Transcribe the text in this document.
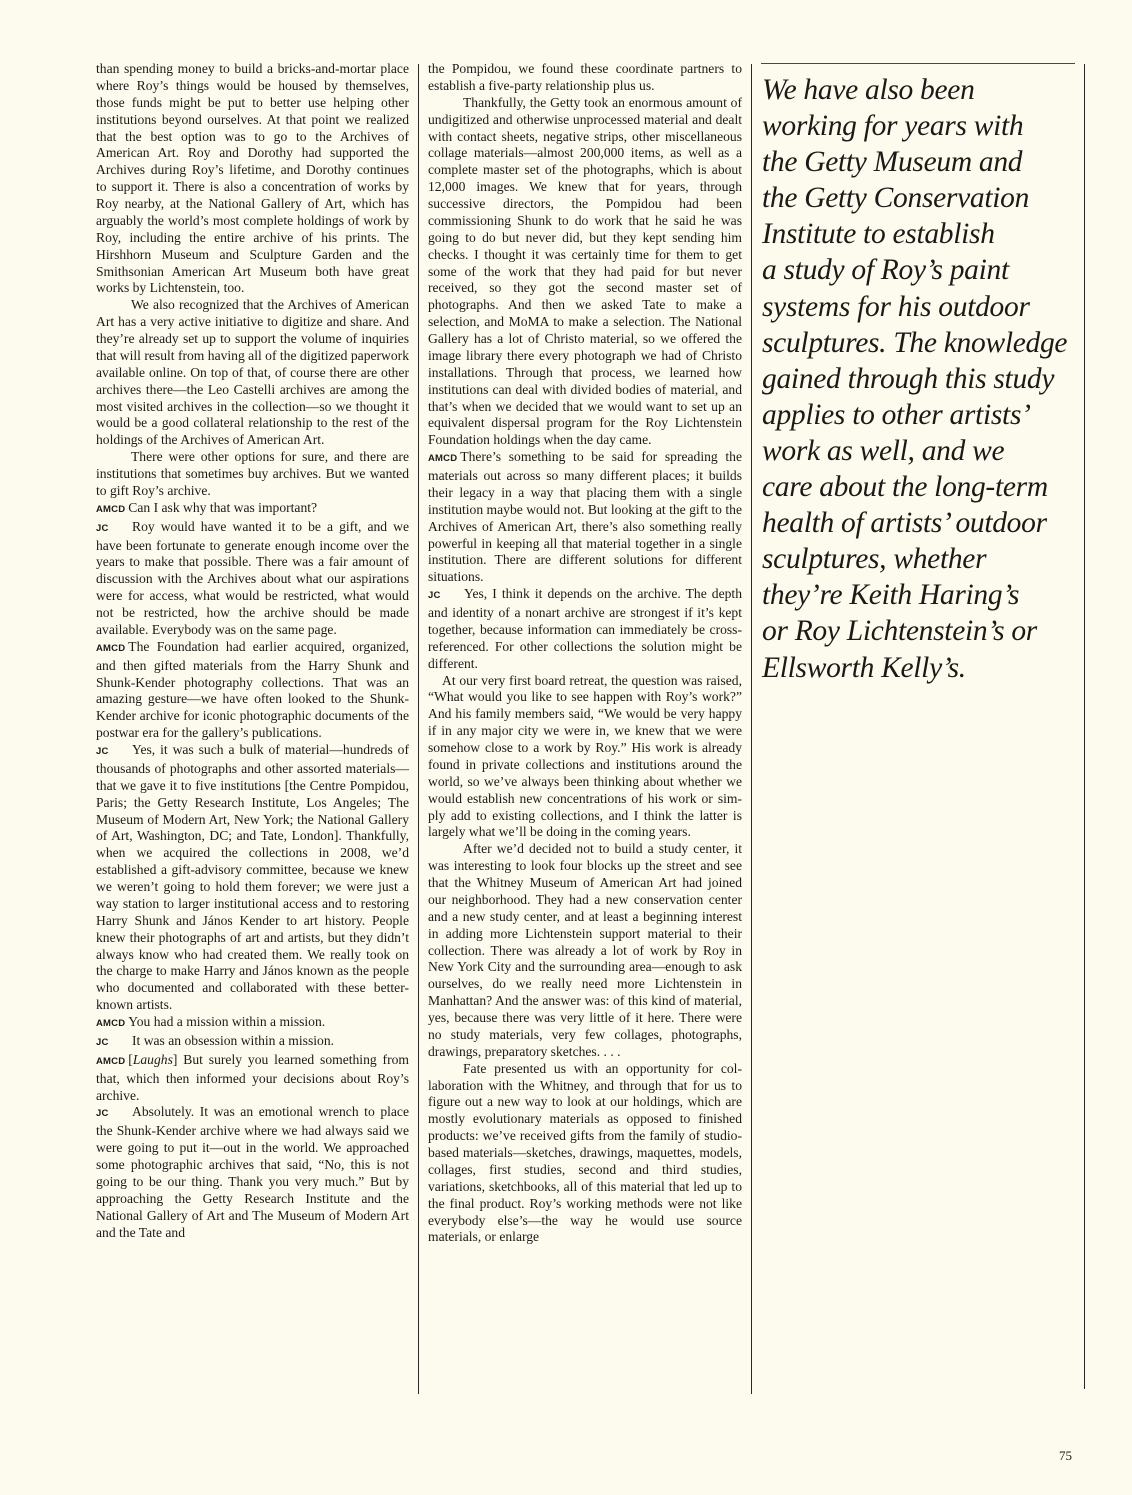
than spending money to build a bricks-and-mortar place where Roy’s things would be housed by themselves, those funds might be put to better use helping other institutions beyond ourselves. At that point we realized that the best option was to go to the Archives of American Art. Roy and Dorothy had supported the Archives during Roy’s lifetime, and Dorothy continues to support it. There is also a concentration of works by Roy nearby, at the National Gallery of Art, which has arguably the world’s most complete holdings of work by Roy, including the entire archive of his prints. The Hirshhorn Museum and Sculpture Garden and the Smithsonian American Art Museum both have great works by Lichtenstein, too.

We also recognized that the Archives of American Art has a very active initiative to digitize and share. And they’re already set up to support the volume of inquiries that will result from having all of the digitized paperwork available online. On top of that, of course there are other archives there—the Leo Castelli archives are among the most visited archives in the collection—so we thought it would be a good collateral relationship to the rest of the holdings of the Archives of American Art.

There were other options for sure, and there are institutions that sometimes buy archives. But we wanted to gift Roy’s archive.

AMCD Can I ask why that was important?

JC Roy would have wanted it to be a gift, and we have been fortunate to generate enough income over the years to make that possible. There was a fair amount of discussion with the Archives about what our aspirations were for access, what would be restricted, what would not be restricted, how the archive should be made available. Everybody was on the same page.

AMCD The Foundation had earlier acquired, organized, and then gifted materials from the Harry Shunk and Shunk-Kender photography collections. That was an amazing gesture—we have often looked to the Shunk-Kender archive for iconic photographic documents of the postwar era for the gallery’s publications.

JC Yes, it was such a bulk of material—hundreds of thousands of photographs and other assorted materials—that we gave it to five institutions [the Centre Pompidou, Paris; the Getty Research Institute, Los Angeles; The Museum of Modern Art, New York; the National Gallery of Art, Washington, DC; and Tate, London]. Thankfully, when we acquired the collections in 2008, we’d established a gift-advisory committee, because we knew we weren’t going to hold them forever; we were just a way station to larger institutional access and to restoring Harry Shunk and János Kender to art history. People knew their photographs of art and artists, but they didn’t always know who had created them. We really took on the charge to make Harry and János known as the people who documented and collaborated with these better-known artists.

AMCD You had a mission within a mission.

JC It was an obsession within a mission.

AMCD [Laughs] But surely you learned something from that, which then informed your decisions about Roy’s archive.

JC Absolutely. It was an emotional wrench to place the Shunk-Kender archive where we had always said we were going to put it—out in the world. We approached some photographic archives that said, “No, this is not going to be our thing. Thank you very much.” But by approaching the Getty Research Institute and the National Gallery of Art and The Museum of Modern Art and the Tate and

the Pompidou, we found these coordinate partners to establish a five-party relationship plus us.

Thankfully, the Getty took an enormous amount of undigitized and otherwise unprocessed material and dealt with contact sheets, negative strips, other miscellaneous collage materials—almost 200,000 items, as well as a complete master set of the photographs, which is about 12,000 images. We knew that for years, through successive directors, the Pompidou had been commissioning Shunk to do work that he said he was going to do but never did, but they kept sending him checks. I thought it was certainly time for them to get some of the work that they had paid for but never received, so they got the second master set of photographs. And then we asked Tate to make a selection, and MoMA to make a selection. The National Gallery has a lot of Christo material, so we offered the image library there every photograph we had of Christo installations. Through that process, we learned how institutions can deal with divided bodies of material, and that’s when we decided that we would want to set up an equivalent dispersal program for the Roy Lichtenstein Foundation holdings when the day came.

AMCD There’s something to be said for spreading the materials out across so many different places; it builds their legacy in a way that placing them with a single institution maybe would not. But looking at the gift to the Archives of American Art, there’s also something really powerful in keeping all that material together in a single institution. There are different solutions for different situations.

JC Yes, I think it depends on the archive. The depth and identity of a nonart archive are strongest if it’s kept together, because information can immediately be cross-referenced. For other collections the solution might be different.

At our very first board retreat, the question was raised, “What would you like to see happen with Roy’s work?” And his family members said, “We would be very happy if in any major city we were in, we knew that we were somehow close to a work by Roy.” His work is already found in private collections and institutions around the world, so we’ve always been thinking about whether we would establish new concentrations of his work or simply add to existing collections, and I think the latter is largely what we’ll be doing in the coming years.

After we’d decided not to build a study center, it was interesting to look four blocks up the street and see that the Whitney Museum of American Art had joined our neighborhood. They had a new conservation center and a new study center, and at least a beginning interest in adding more Lichtenstein support material to their collection. There was already a lot of work by Roy in New York City and the surrounding area—enough to ask ourselves, do we really need more Lichtenstein in Manhattan? And the answer was: of this kind of material, yes, because there was very little of it here. There were no study materials, very few collages, photographs, drawings, preparatory sketches. . . .

Fate presented us with an opportunity for collaboration with the Whitney, and through that for us to figure out a new way to look at our holdings, which are mostly evolutionary materials as opposed to finished products: we’ve received gifts from the family of studio-based materials—sketches, drawings, maquettes, models, collages, first studies, second and third studies, variations, sketchbooks, all of this material that led up to the final product. Roy’s working methods were not like everybody else’s—the way he would use source materials, or enlarge

We have also been
working for years with
the Getty Museum and
the Getty Conservation
Institute to establish
a study of Roy’s paint
systems for his outdoor
sculptures. The knowledge
gained through this study
applies to other artists’
work as well, and we
care about the long-term
health of artists’ outdoor
sculptures, whether
they’re Keith Haring’s
or Roy Lichtenstein’s or
Ellsworth Kelly’s.
75
